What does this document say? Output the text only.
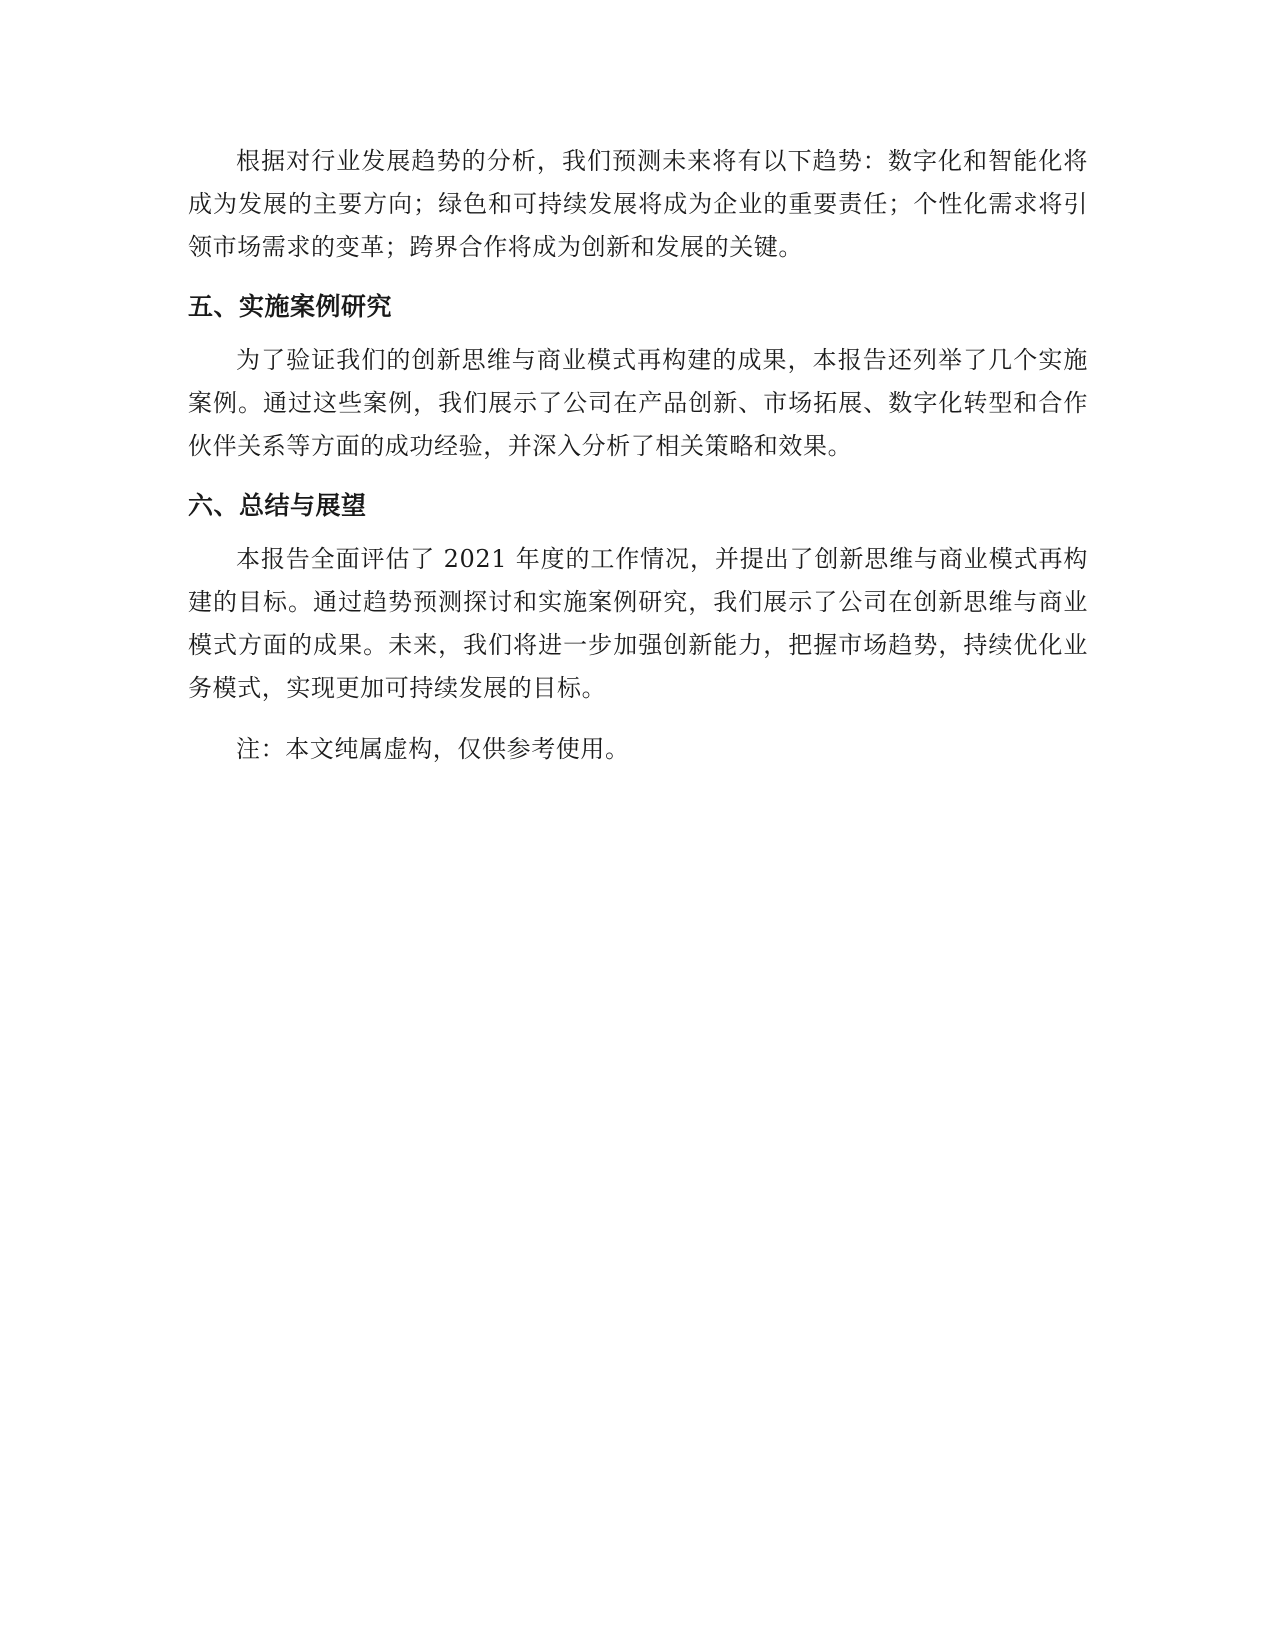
根据对行业发展趋势的分析，我们预测未来将有以下趋势：数字化和智能化将成为发展的主要方向；绿色和可持续发展将成为企业的重要责任；个性化需求将引领市场需求的变革；跨界合作将成为创新和发展的关键。

五、实施案例研究

为了验证我们的创新思维与商业模式再构建的成果，本报告还列举了几个实施案例。通过这些案例，我们展示了公司在产品创新、市场拓展、数字化转型和合作伙伴关系等方面的成功经验，并深入分析了相关策略和效果。

六、总结与展望

本报告全面评估了 2021 年度的工作情况，并提出了创新思维与商业模式再构建的目标。通过趋势预测探讨和实施案例研究，我们展示了公司在创新思维与商业模式方面的成果。未来，我们将进一步加强创新能力，把握市场趋势，持续优化业务模式，实现更加可持续发展的目标。

注：本文纯属虚构，仅供参考使用。
